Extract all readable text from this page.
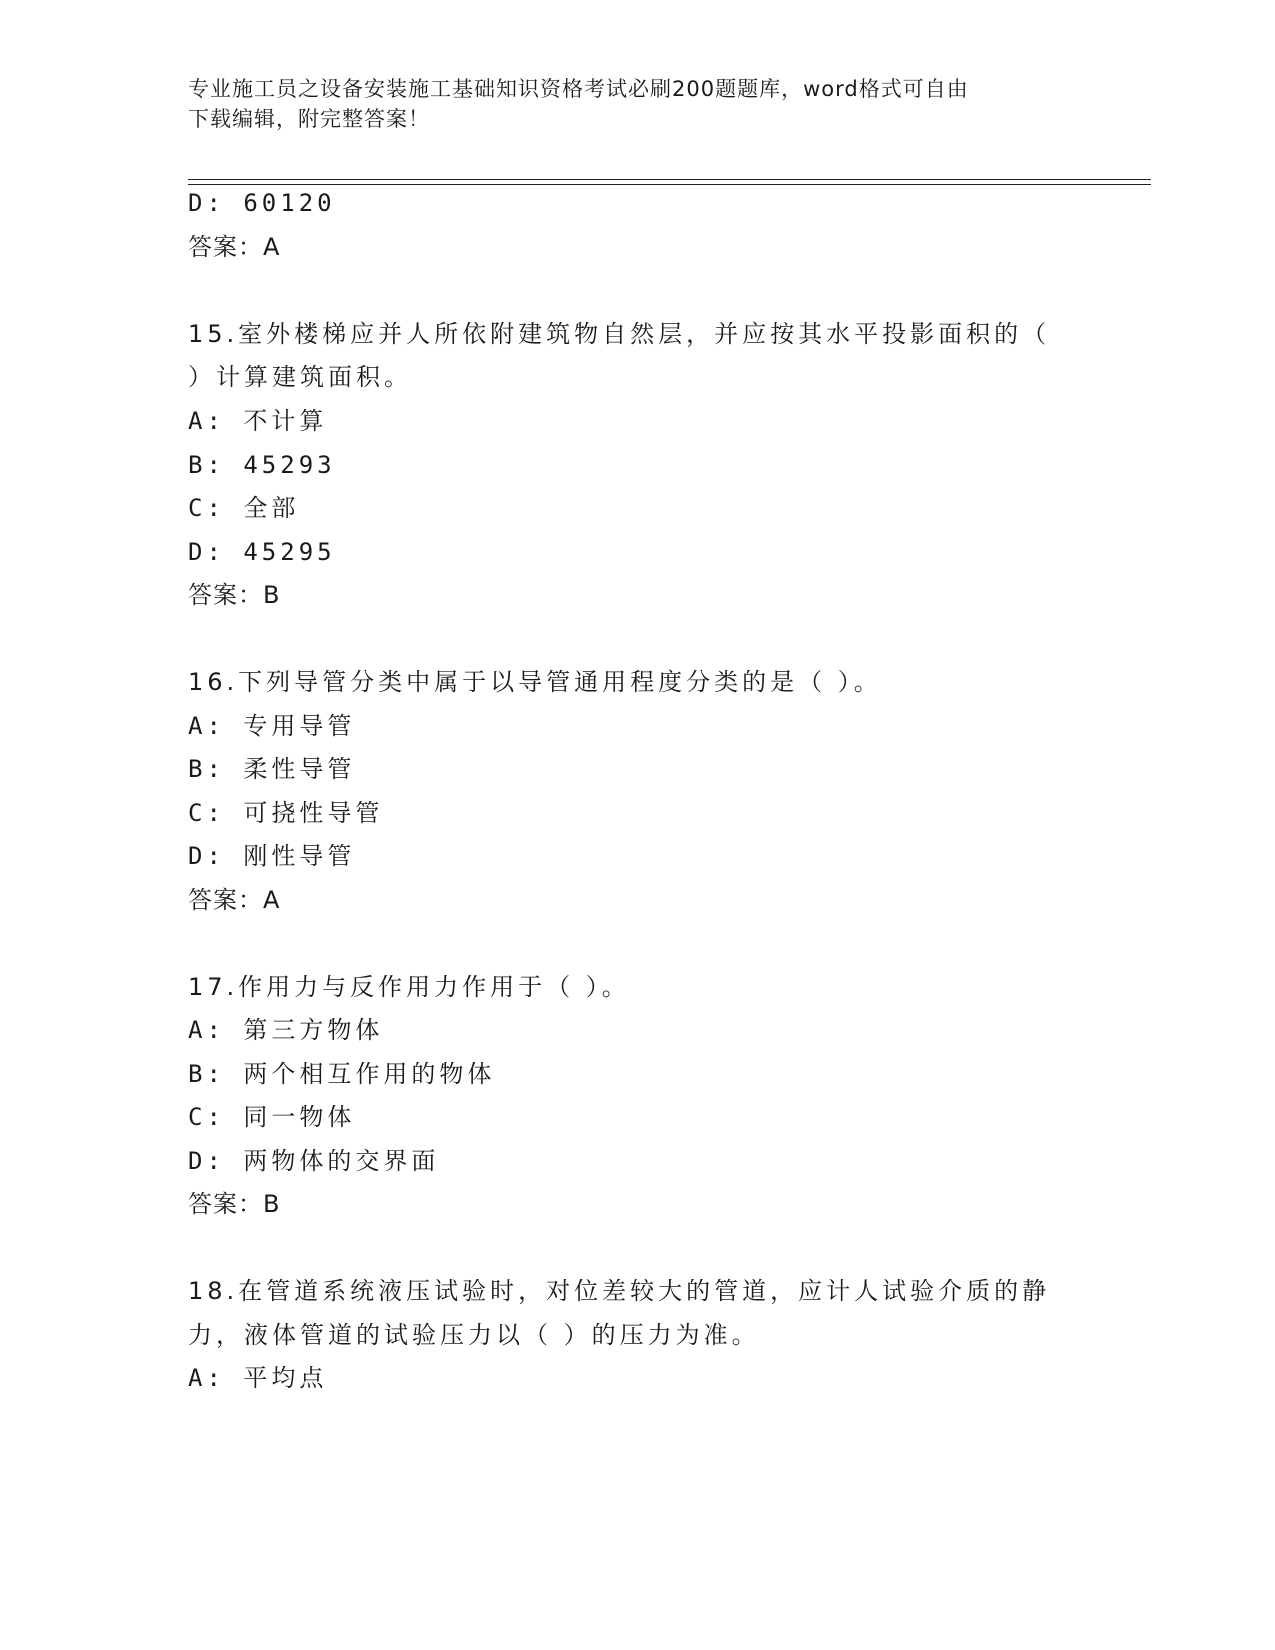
专业施工员之设备安装施工基础知识资格考试必刷200题题库，word格式可自由
下载编辑，附完整答案！
D: 60120
答案：A
15.室外楼梯应并人所依附建筑物自然层，并应按其水平投影面积的（
）计算建筑面积。
A: 不计算
B: 45293
C: 全部
D: 45295
答案：B
16.下列导管分类中属于以导管通用程度分类的是（ ）。
A: 专用导管
B: 柔性导管
C: 可挠性导管
D: 刚性导管
答案：A
17.作用力与反作用力作用于（ ）。
A: 第三方物体
B: 两个相互作用的物体
C: 同一物体
D: 两物体的交界面
答案：B
18.在管道系统液压试验时，对位差较大的管道，应计人试验介质的静
力，液体管道的试验压力以（ ）的压力为准。
A: 平均点
